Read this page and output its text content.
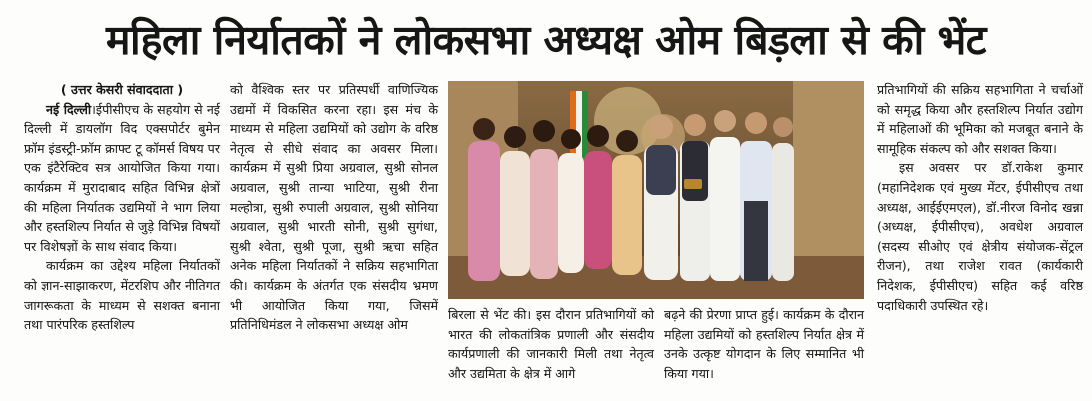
महिला निर्यातकों ने लोकसभा अध्यक्ष ओम बिड़ला से की भेंट

( उत्तर केसरी संवाददाता )

नई दिल्ली।ईपीसीएच के सहयोग से नई दिल्ली में डायलॉग विद एक्सपोर्टर बुमेन फ्रॉम इंडस्ट्री-फ्रॉम क्राफ्ट टू कॉमर्स विषय पर एक इंटैरेक्टिव सत्र आयोजित किया गया। कार्यक्रम में मुरादाबाद सहित विभिन्न क्षेत्रों की महिला निर्यातक उद्यमियों ने भाग लिया और हस्तशिल्प निर्यात से जुड़े विभिन्न विषयों पर विशेषज्ञों के साथ संवाद किया।

कार्यक्रम का उद्देश्य महिला निर्यातकों को ज्ञान-साझाकरण, मेंटरशिप और नीतिगत जागरूकता के माध्यम से सशक्त बनाना तथा पारंपरिक हस्तशिल्प

को वैश्विक स्तर पर प्रतिस्पर्धी वाणिज्यिक उद्यमों में विकसित करना रहा। इस मंच के माध्यम से महिला उद्यमियों को उद्योग के वरिष्ठ नेतृत्व से सीधे संवाद का अवसर मिला। कार्यक्रम में सुश्री प्रिया अग्रवाल, सुश्री सोनल अग्रवाल, सुश्री तान्या भाटिया, सुश्री रीना मल्होत्रा, सुश्री रुपाली अग्रवाल, सुश्री सोनिया अग्रवाल, सुश्री भारती सोनी, सुश्री सुगंधा, सुश्री श्वेता, सुश्री पूजा, सुश्री ऋचा सहित अनेक महिला निर्यातकों ने सक्रिय सहभागिता की। कार्यक्रम के अंतर्गत एक संसदीय भ्रमण भी आयोजित किया गया, जिसमें प्रतिनिधिमंडल ने लोकसभा अध्यक्ष ओम

बिरला से भेंट की। इस दौरान प्रतिभागियों को भारत की लोकतांत्रिक प्रणाली और संसदीय कार्यप्रणाली की जानकारी मिली तथा नेतृत्व और उद्यमिता के क्षेत्र में आगे

बढ़ने की प्रेरणा प्राप्त हुई। कार्यक्रम के दौरान महिला उद्यमियों को हस्तशिल्प निर्यात क्षेत्र में उनके उत्कृष्ट योगदान के लिए सम्मानित भी किया गया।

प्रतिभागियों की सक्रिय सहभागिता ने चर्चाओं को समृद्ध किया और हस्तशिल्प निर्यात उद्योग में महिलाओं की भूमिका को मजबूत बनाने के सामूहिक संकल्प को और सशक्त किया।

इस अवसर पर डॉ.राकेश कुमार (महानिदेशक एवं मुख्य मेंटर, ईपीसीएच तथा अध्यक्ष, आईईएमएल), डॉ.नीरज विनोद खन्ना (अध्यक्ष, ईपीसीएच), अवधेश अग्रवाल (सदस्य सीओए एवं क्षेत्रीय संयोजक-सेंट्रल रीजन), तथा राजेश रावत (कार्यकारी निदेशक, ईपीसीएच) सहित कई वरिष्ठ पदाधिकारी उपस्थित रहे।
